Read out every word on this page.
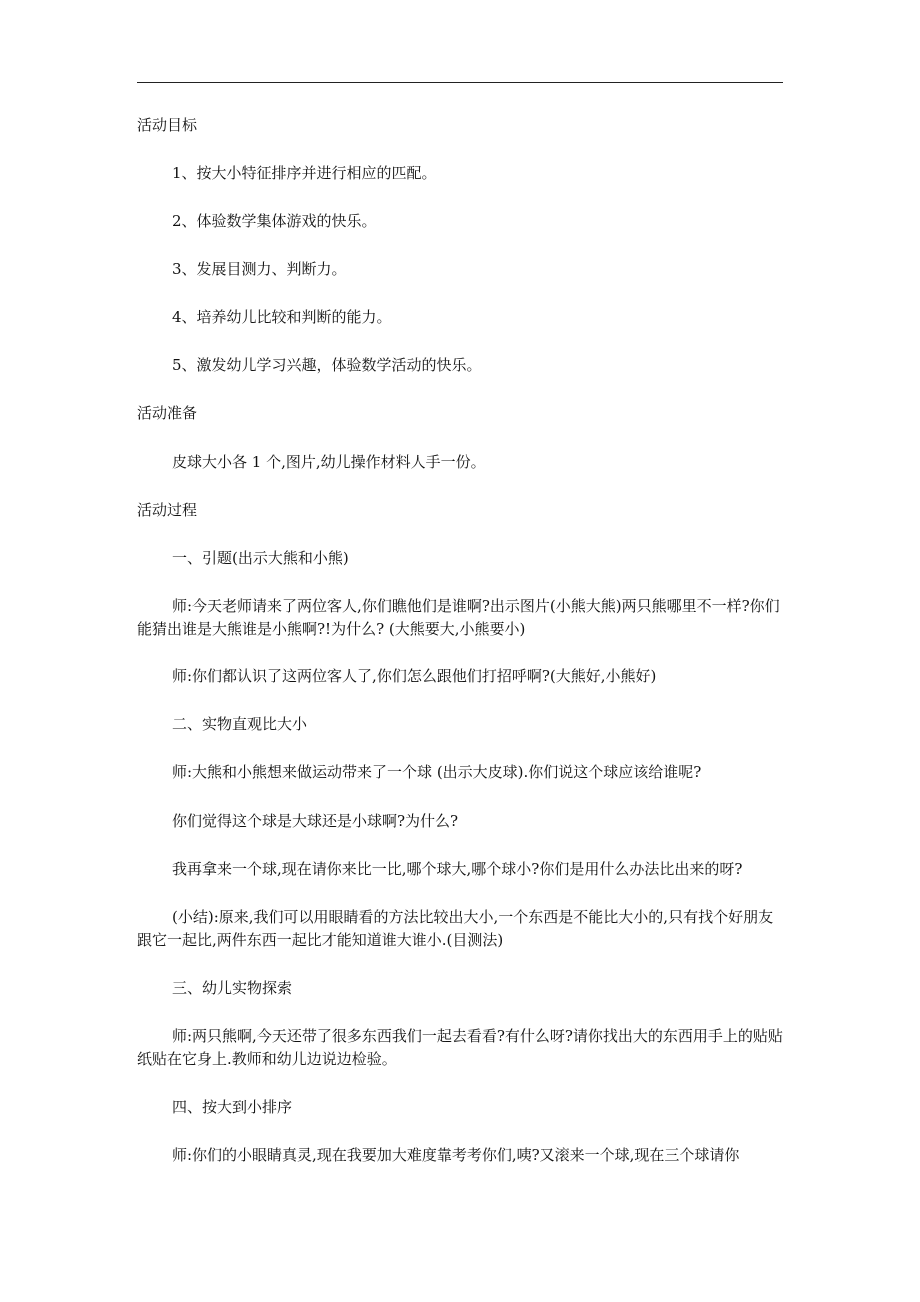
活动目标
1、按大小特征排序并进行相应的匹配。
2、体验数学集体游戏的快乐。
3、发展目测力、判断力。
4、培养幼儿比较和判断的能力。
5、激发幼儿学习兴趣，体验数学活动的快乐。
活动准备
皮球大小各 1 个,图片,幼儿操作材料人手一份。
活动过程
一、引题(出示大熊和小熊)
师:今天老师请来了两位客人,你们瞧他们是谁啊?出示图片(小熊大熊)两只熊哪里不一样?你们能猜出谁是大熊谁是小熊啊?!为什么? (大熊要大,小熊要小)
师:你们都认识了这两位客人了,你们怎么跟他们打招呼啊?(大熊好,小熊好)
二、实物直观比大小
师:大熊和小熊想来做运动带来了一个球 (出示大皮球).你们说这个球应该给谁呢?
你们觉得这个球是大球还是小球啊?为什么?
我再拿来一个球,现在请你来比一比,哪个球大,哪个球小?你们是用什么办法比出来的呀?
(小结):原来,我们可以用眼睛看的方法比较出大小,一个东西是不能比大小的,只有找个好朋友跟它一起比,两件东西一起比才能知道谁大谁小.(目测法)
三、幼儿实物探索
师:两只熊啊,今天还带了很多东西我们一起去看看?有什么呀?请你找出大的东西用手上的贴贴纸贴在它身上.教师和幼儿边说边检验。
四、按大到小排序
师:你们的小眼睛真灵,现在我要加大难度靠考考你们,咦?又滚来一个球,现在三个球请你
